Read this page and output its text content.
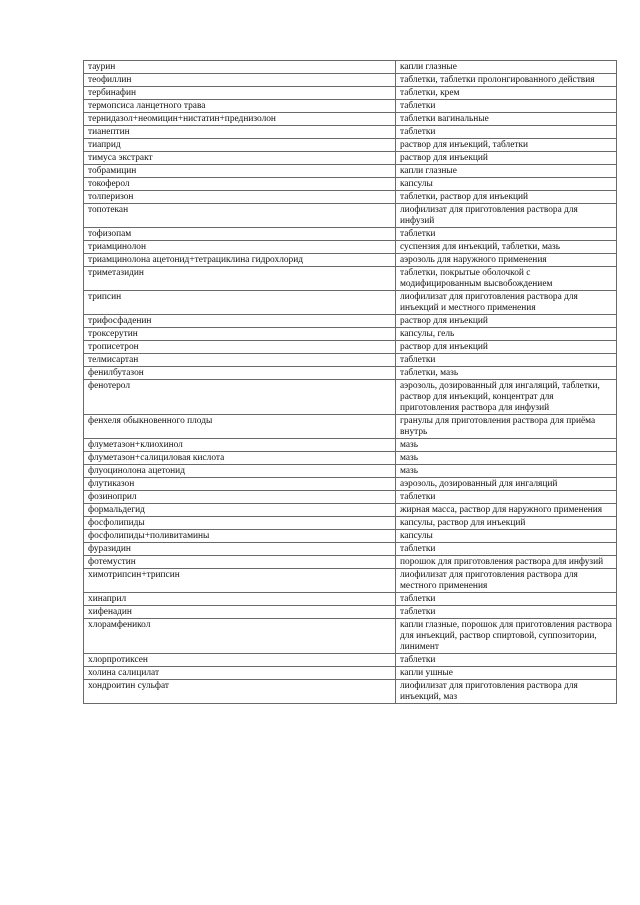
таурин	капли глазные
теофиллин	таблетки, таблетки пролонгированного действия
тербинафин	таблетки, крем
термопсиса ланцетного трава	таблетки
тернидазол+неомицин+нистатин+преднизолон	таблетки вагинальные
тианептин	таблетки
тиаприд	раствор для инъекций, таблетки
тимуса экстракт	раствор для инъекций
тобрамицин	капли глазные
токоферол	капсулы
толперизон	таблетки, раствор для инъекций
топотекан	лиофилизат для приготовления раствора для инфузий
тофизопам	таблетки
триамцинолон	суспензия для инъекций, таблетки, мазь
триамцинолона ацетонид+тетрациклина гидрохлорид	аэрозоль для наружного применения
триметазидин	таблетки, покрытые оболочкой с модифицированным высвобождением
трипсин	лиофилизат для приготовления раствора для инъекций и местного применения
трифосфаденин	раствор для инъекций
троксерутин	капсулы, гель
трописетрон	раствор для инъекций
телмисартан	таблетки
фенилбутазон	таблетки, мазь
фенотерол	аэрозоль, дозированный для ингаляций, таблетки, раствор для инъекций, концентрат для приготовления раствора для инфузий
фенхеля обыкновенного плоды	гранулы для приготовления раствора для приёма внутрь
флуметазон+клиохинол	мазь
флуметазон+салициловая кислота	мазь
флуоцинолона ацетонид	мазь
флутиказон	аэрозоль, дозированный для ингаляций
фозиноприл	таблетки
формальдегид	жирная масса, раствор для наружного применения
фосфолипиды	капсулы, раствор для инъекций
фосфолипиды+поливитамины	капсулы
фуразидин	таблетки
фотемустин	порошок для приготовления раствора для инфузий
химотрипсин+трипсин	лиофилизат для приготовления раствора для местного применения
хинаприл	таблетки
хифенадин	таблетки
хлорамфеникол	капли глазные, порошок для приготовления раствора для инъекций, раствор спиртовой, суппозитории, линимент
хлорпротиксен	таблетки
холина салицилат	капли ушные
хондроитин сульфат	лиофилизат для приготовления раствора для инъекций, маз
